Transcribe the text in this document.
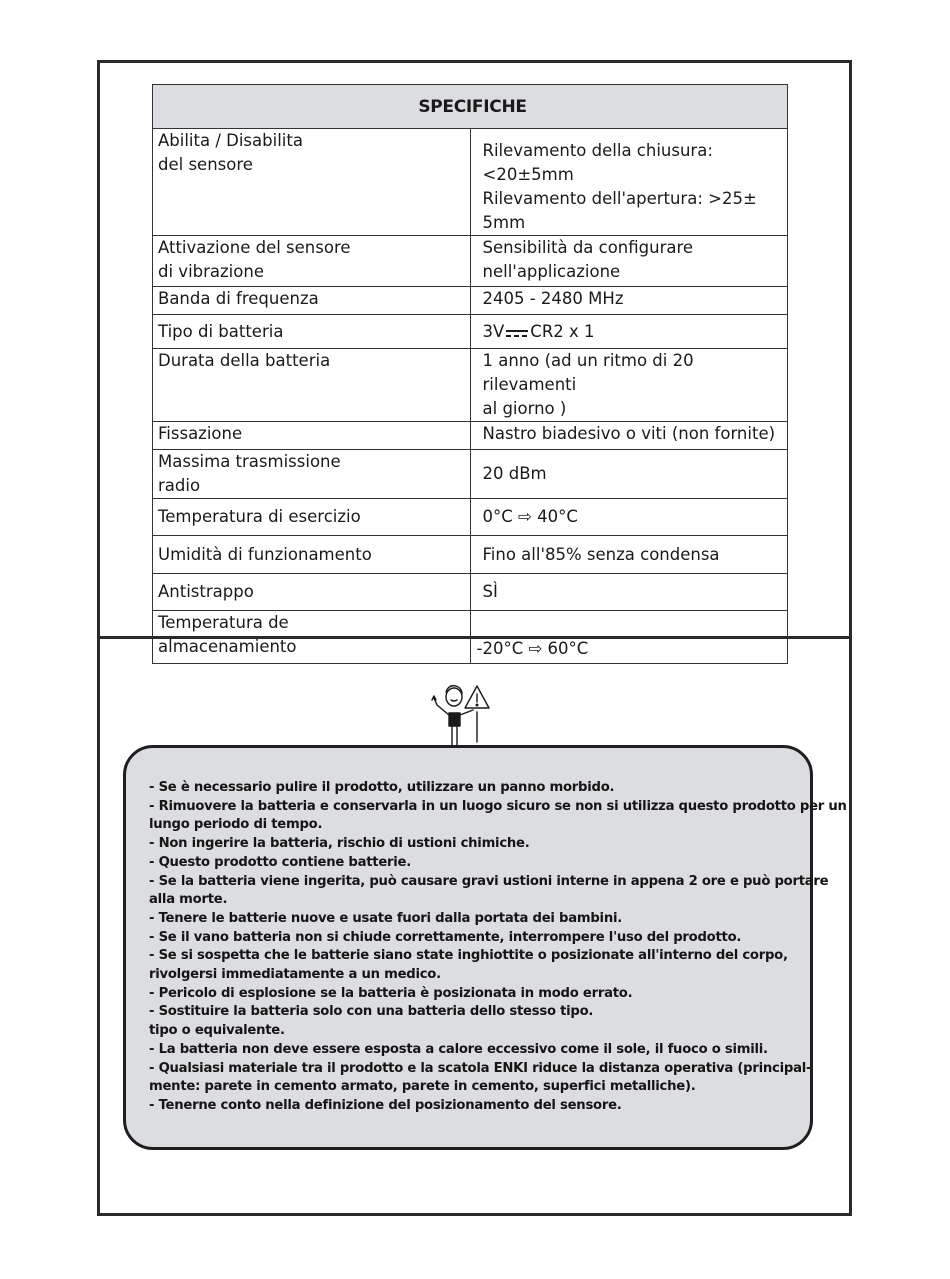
SPECIFICHE	

Abilita / Disabilita
del sensore	Rilevamento della chiusura:<20±5mm
Rilevamento dell'apertura: >25± 5mm

Attivazione del sensore
di vibrazione	Sensibilità da configurare
nell'applicazione

Banda di frequenza	2405 - 2480 MHz

Tipo di batteria	3V CR2 x 1

Durata della batteria	1 anno (ad un ritmo di 20 rilevamenti
al giorno )

Fissazione	Nastro biadesivo o viti (non fornite)

Massima trasmissione
radio	20 dBm

Temperatura di esercizio	0°C ⇨ 40°C

Umidità di funzionamento	Fino all'85% senza condensa

Antistrappo	SÌ

Temperatura de
almacenamiento	-20°C ⇨ 60°C
- Se è necessario pulire il prodotto, utilizzare un panno morbido.
- Rimuovere la batteria e conservarla in un luogo sicuro se non si utilizza questo prodotto per un
lungo periodo di tempo.
- Non ingerire la batteria, rischio di ustioni chimiche.
- Questo prodotto contiene batterie.
- Se la batteria viene ingerita, può causare gravi ustioni interne in appena 2 ore e può portare
alla morte.
- Tenere le batterie nuove e usate fuori dalla portata dei bambini.
- Se il vano batteria non si chiude correttamente, interrompere l'uso del prodotto.
- Se si sospetta che le batterie siano state inghiottite o posizionate all'interno del corpo,
rivolgersi immediatamente a un medico.
- Pericolo di esplosione se la batteria è posizionata in modo errato.
- Sostituire la batteria solo con una batteria dello stesso tipo.
tipo o equivalente.
- La batteria non deve essere esposta a calore eccessivo come il sole, il fuoco o simili.
- Qualsiasi materiale tra il prodotto e la scatola ENKI riduce la distanza operativa (principal-
mente: parete in cemento armato, parete in cemento, superfici metalliche).
- Tenerne conto nella definizione del posizionamento del sensore.
